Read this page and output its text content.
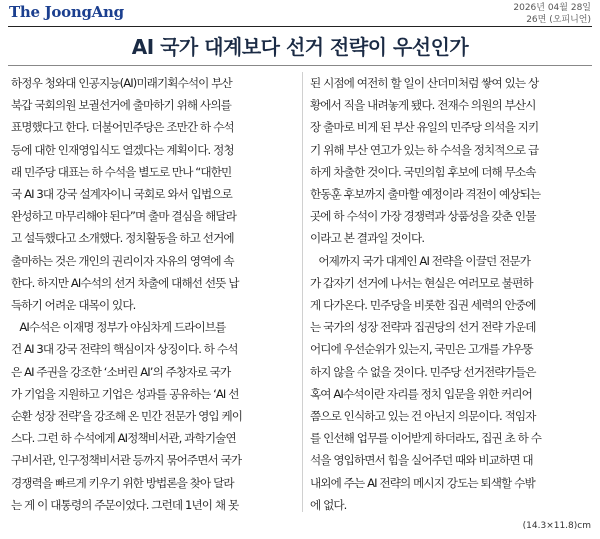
The JoongAng	2026년 04월 28일
26면 (오피니언)
AI 국가 대계보다 선거 전략이 우선인가
하정우 청와대 인공지능(AI)미래기획수석이 부산
북갑 국회의원 보궐선거에 출마하기 위해 사의를
표명했다고 한다. 더불어민주당은 조만간 하 수석
등에 대한 인재영입식도 열겠다는 계획이다. 정청
래 민주당 대표는 하 수석을 별도로 만나 “대한민
국 AI 3대 강국 설계자이니 국회로 와서 입법으로
완성하고 마무리해야 된다”며 출마 결심을 해달라
고 설득했다고 소개했다. 정치활동을 하고 선거에
출마하는 것은 개인의 권리이자 자유의 영역에 속
한다. 하지만 AI수석의 선거 차출에 대해선 선뜻 납
득하기 어려운 대목이 있다.
AI수석은 이재명 정부가 야심차게 드라이브를
건 AI 3대 강국 전략의 핵심이자 상징이다. 하 수석
은 AI 주권을 강조한 ‘소버린 AI’의 주창자로 국가
가 기업을 지원하고 기업은 성과를 공유하는 ‘AI 선
순환 성장 전략’을 강조해 온 민간 전문가 영입 케이
스다. 그런 하 수석에게 AI정책비서관, 과학기술연
구비서관, 인구정책비서관 등까지 묶어주면서 국가
경쟁력을 빠르게 키우기 위한 방법론을 찾아 달라
는 게 이 대통령의 주문이었다. 그런데 1년이 채 못
된 시점에 여전히 할 일이 산더미처럼 쌓여 있는 상
황에서 직을 내려놓게 됐다. 전재수 의원의 부산시
장 출마로 비게 된 부산 유일의 민주당 의석을 지키
기 위해 부산 연고가 있는 하 수석을 정치적으로 급
하게 차출한 것이다. 국민의힘 후보에 더해 무소속
한동훈 후보까지 출마할 예정이라 격전이 예상되는
곳에 하 수석이 가장 경쟁력과 상품성을 갖춘 인물
이라고 본 결과일 것이다.
어제까지 국가 대계인 AI 전략을 이끌던 전문가
가 갑자기 선거에 나서는 현실은 여러모로 불편하
게 다가온다. 민주당을 비롯한 집권 세력의 안중에
는 국가의 성장 전략과 집권당의 선거 전략 가운데
어디에 우선순위가 있는지, 국민은 고개를 갸우뚱
하지 않을 수 없을 것이다. 민주당 선거전략가들은
혹여 AI수석이란 자리를 정치 입문을 위한 커리어
쯤으로 인식하고 있는 건 아닌지 의문이다. 적임자
를 인선해 업무를 이어받게 하더라도, 집권 초 하 수
석을 영입하면서 힘을 실어주던 때와 비교하면 대
내외에 주는 AI 전략의 메시지 강도는 퇴색할 수밖
에 없다.
(14.3×11.8)cm
